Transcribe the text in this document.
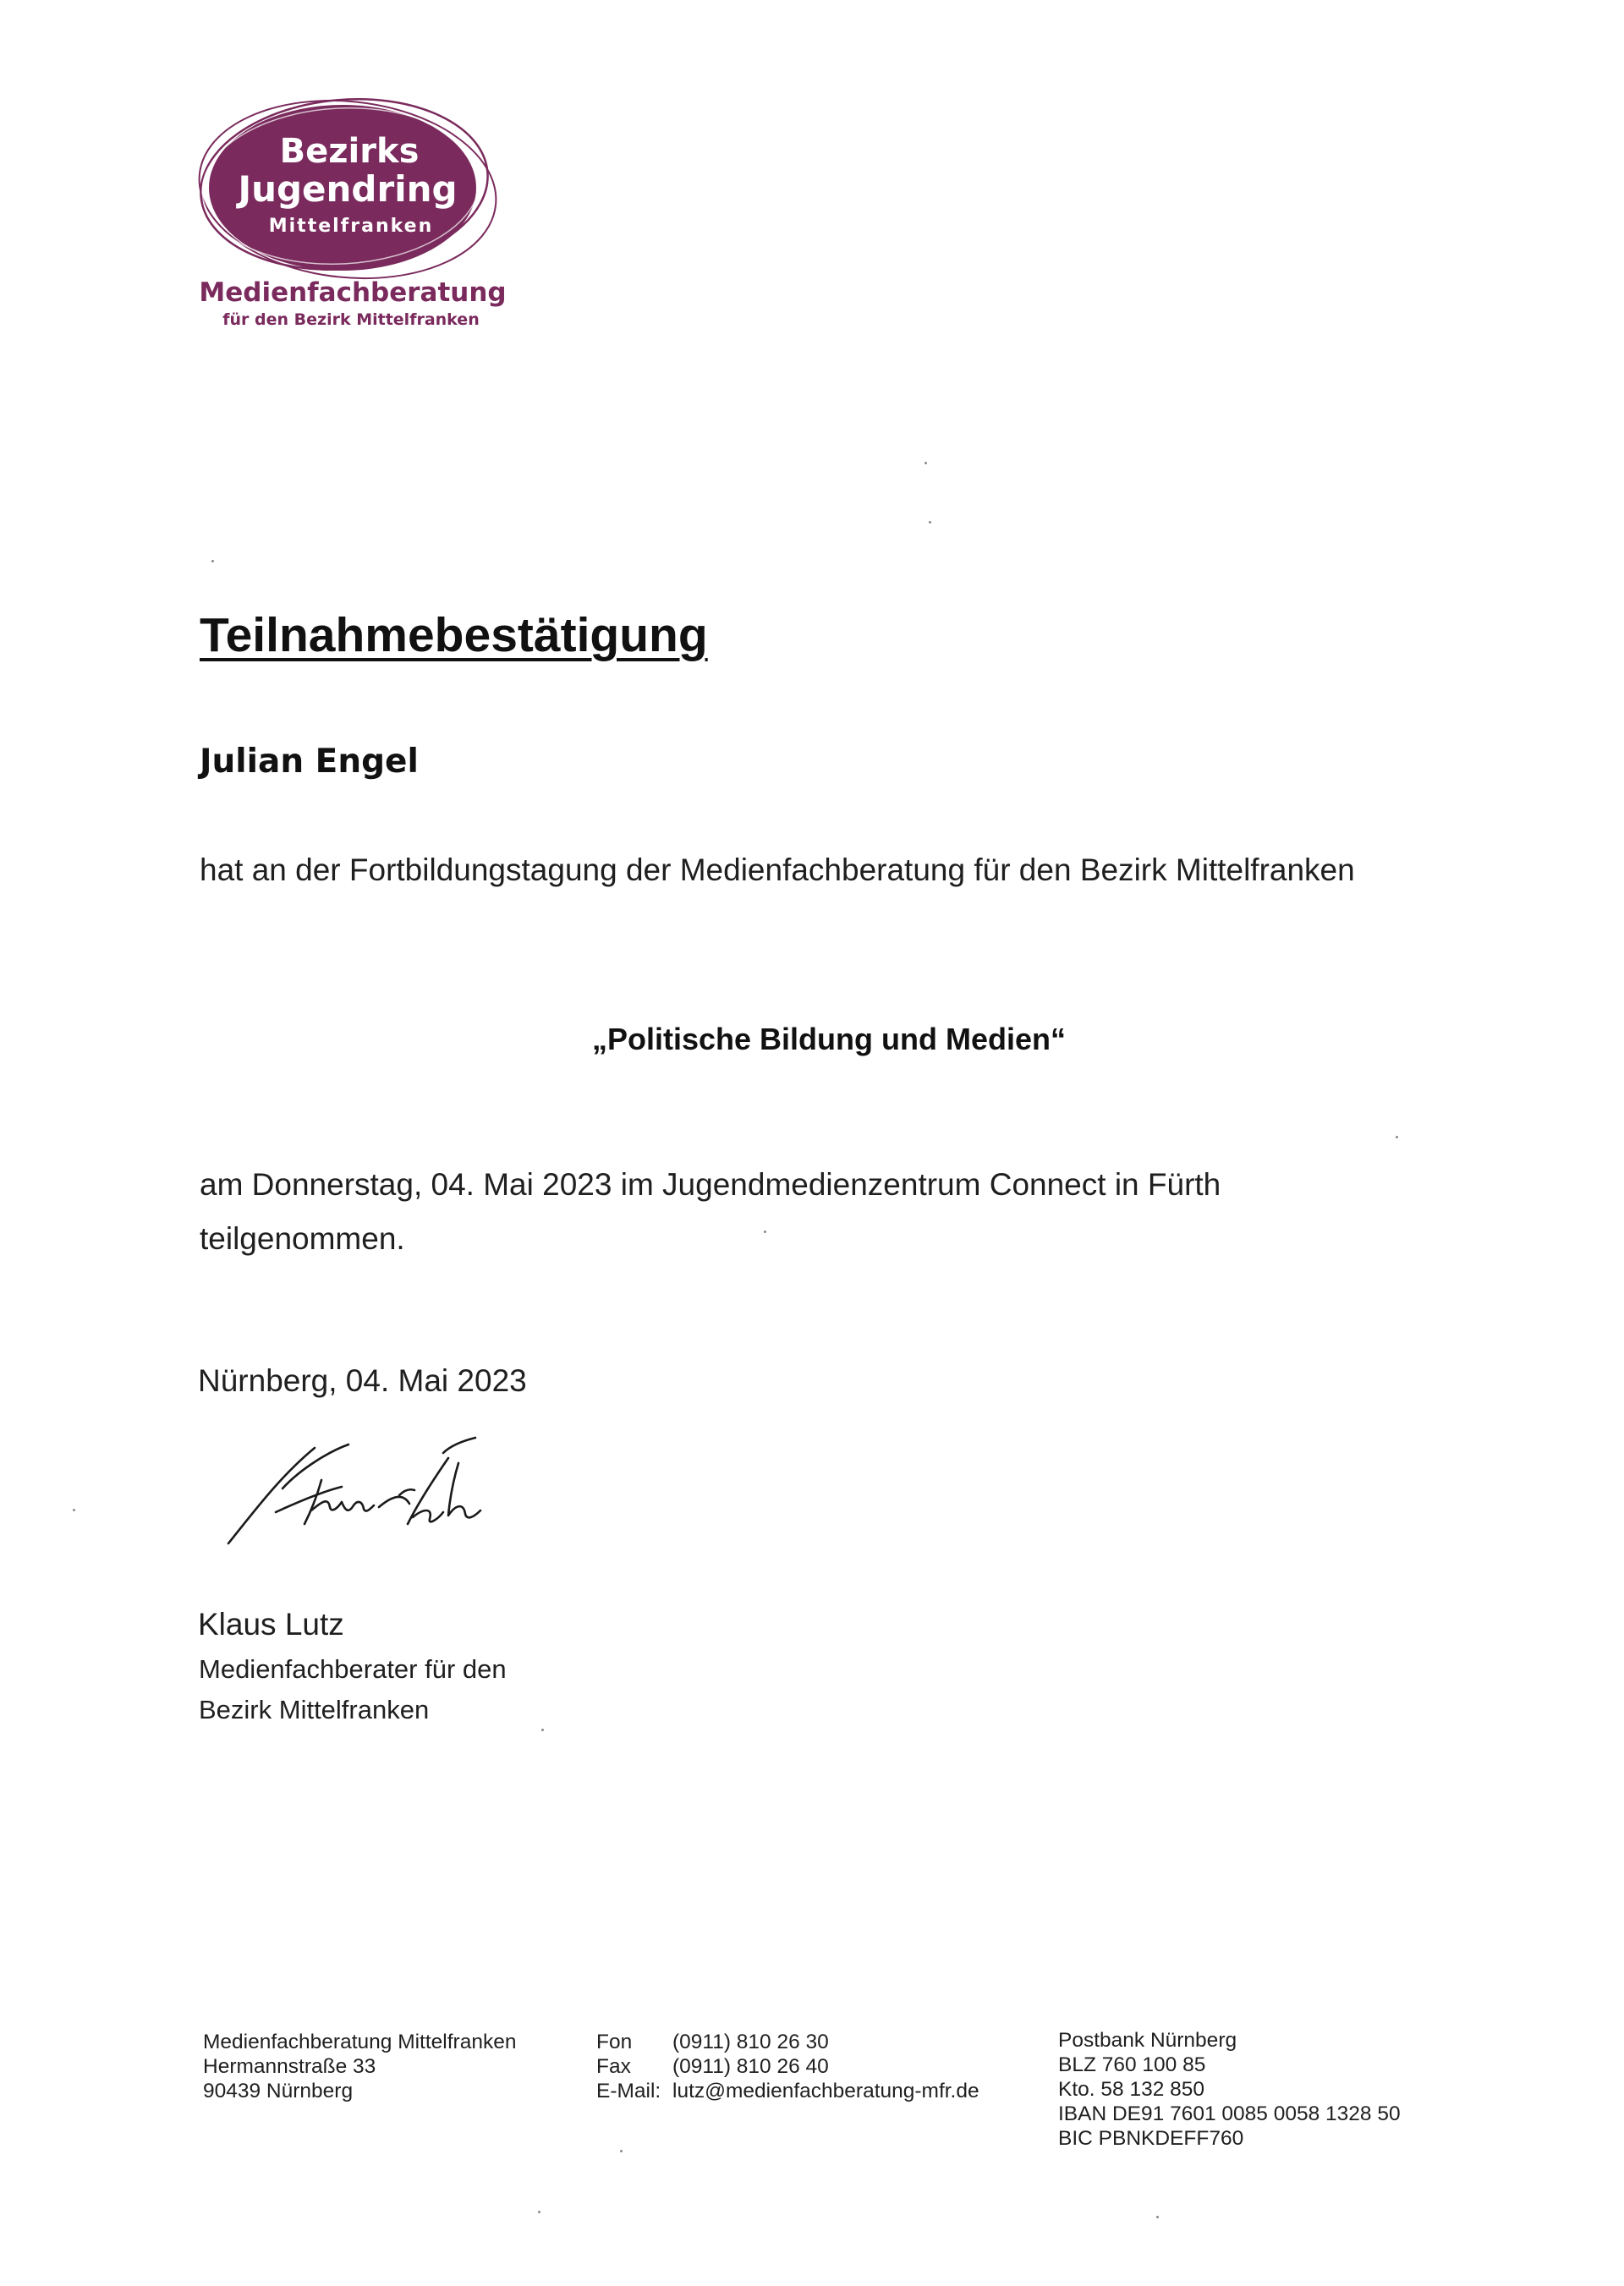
Bezirks
Jugendring
Mittelfranken
Medienfachberatung
für den Bezirk Mittelfranken
Teilnahmebestätigung
Julian Engel
hat an der Fortbildungstagung der Medienfachberatung für den Bezirk Mittelfranken
„Politische Bildung und Medien“
am Donnerstag, 04. Mai 2023 im Jugendmedienzentrum Connect in Fürth
teilgenommen.
Nürnberg, 04. Mai 2023
Klaus Lutz
Medienfachberater für den
Bezirk Mittelfranken
Medienfachberatung Mittelfranken
Hermannstraße 33
90439 Nürnberg
Fon
Fax
E-Mail:
(0911) 810 26 30
(0911) 810 26 40
lutz@medienfachberatung-mfr.de
Postbank Nürnberg
BLZ 760 100 85
Kto. 58 132 850
IBAN DE91 7601 0085 0058 1328 50
BIC PBNKDEFF760
